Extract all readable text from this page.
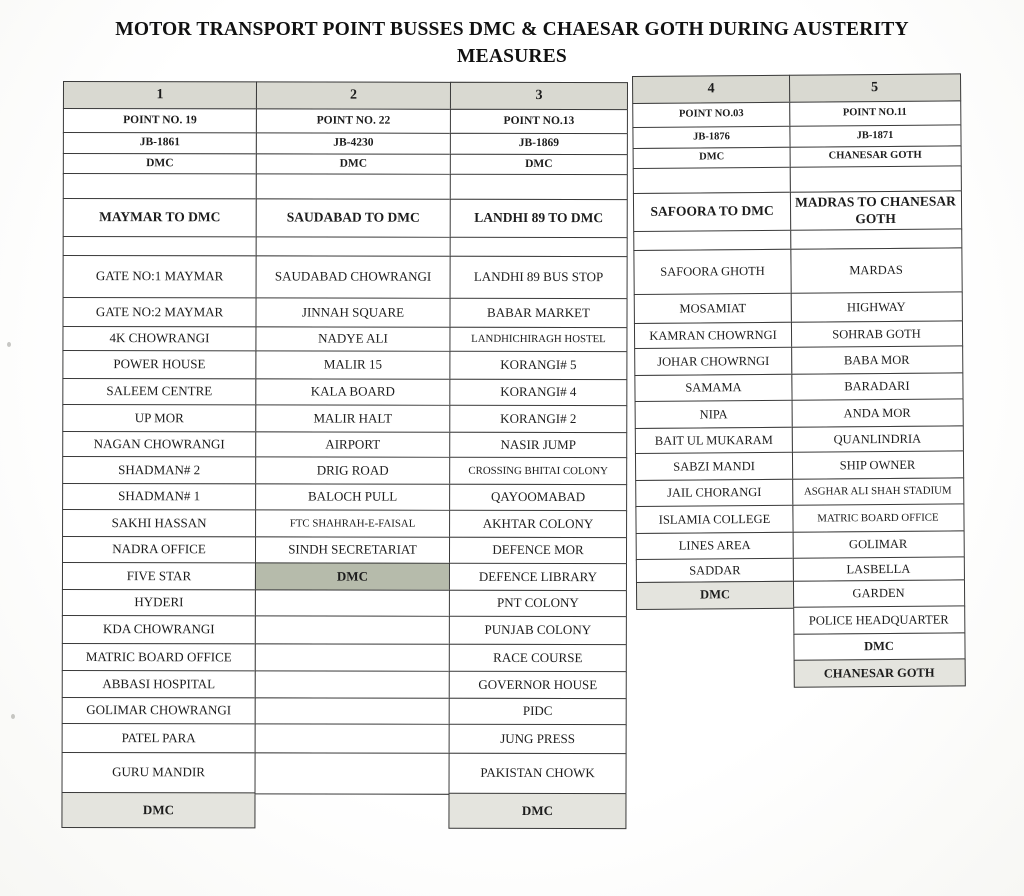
MOTOR TRANSPORT POINT BUSSES DMC & CHAESAR GOTH DURING AUSTERITY MEASURES
1
POINT NO. 19
JB-1861
DMC
MAYMAR TO DMC
GATE NO:1 MAYMAR
GATE NO:2 MAYMAR
4K CHOWRANGI
POWER HOUSE
SALEEM CENTRE
UP MOR
NAGAN CHOWRANGI
SHADMAN# 2
SHADMAN# 1
SAKHI HASSAN
NADRA OFFICE
FIVE STAR
HYDERI
KDA CHOWRANGI
MATRIC BOARD OFFICE
ABBASI HOSPITAL
GOLIMAR CHOWRANGI
PATEL PARA
GURU MANDIR
DMC
2
POINT NO. 22
JB-4230
DMC
SAUDABAD TO DMC
SAUDABAD CHOWRANGI
JINNAH SQUARE
NADYE ALI
MALIR 15
KALA BOARD
MALIR HALT
AIRPORT
DRIG ROAD
BALOCH PULL
FTC SHAHRAH-E-FAISAL
SINDH SECRETARIAT
DMC
3
POINT NO.13
JB-1869
DMC
LANDHI 89 TO DMC
LANDHI 89 BUS STOP
BABAR MARKET
LANDHICHIRAGH HOSTEL
KORANGI# 5
KORANGI# 4
KORANGI# 2
NASIR JUMP
CROSSING BHITAI COLONY
QAYOOMABAD
AKHTAR COLONY
DEFENCE MOR
DEFENCE LIBRARY
PNT COLONY
PUNJAB COLONY
RACE COURSE
GOVERNOR HOUSE
PIDC
JUNG PRESS
PAKISTAN CHOWK
DMC
4
POINT NO.03
JB-1876
DMC
SAFOORA TO DMC
SAFOORA GHOTH
MOSAMIAT
KAMRAN CHOWRNGI
JOHAR CHOWRNGI
SAMAMA
NIPA
BAIT UL MUKARAM
SABZI MANDI
JAIL CHORANGI
ISLAMIA COLLEGE
LINES AREA
SADDAR
DMC
5
POINT NO.11
JB-1871
CHANESAR GOTH
MADRAS TO CHANESAR GOTH
MARDAS
HIGHWAY
SOHRAB GOTH
BABA MOR
BARADARI
ANDA MOR
QUANLINDRIA
SHIP OWNER
ASGHAR ALI SHAH STADIUM
MATRIC BOARD OFFICE
GOLIMAR
LASBELLA
GARDEN
POLICE HEADQUARTER
DMC
CHANESAR GOTH
